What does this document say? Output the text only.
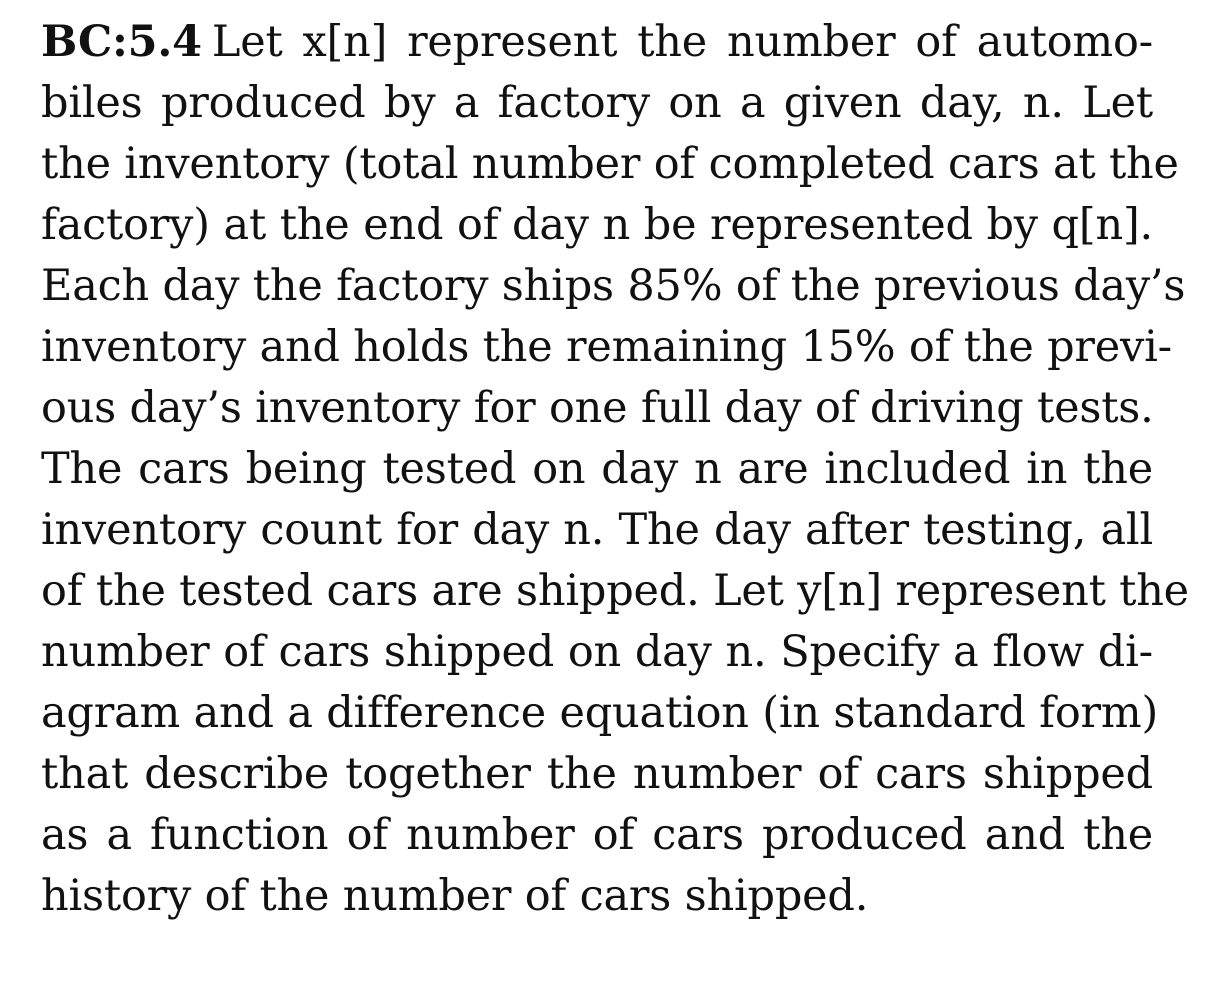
BC:5.4 Let x[n] represent the number of automo-
biles produced by a factory on a given day, n. Let
the inventory (total number of completed cars at the
factory) at the end of day n be represented by q[n].
Each day the factory ships 85% of the previous day’s
inventory and holds the remaining 15% of the previ-
ous day’s inventory for one full day of driving tests.
The cars being tested on day n are included in the
inventory count for day n. The day after testing, all
of the tested cars are shipped. Let y[n] represent the
number of cars shipped on day n. Specify a flow di-
agram and a difference equation (in standard form)
that describe together the number of cars shipped
as a function of number of cars produced and the
history of the number of cars shipped.
